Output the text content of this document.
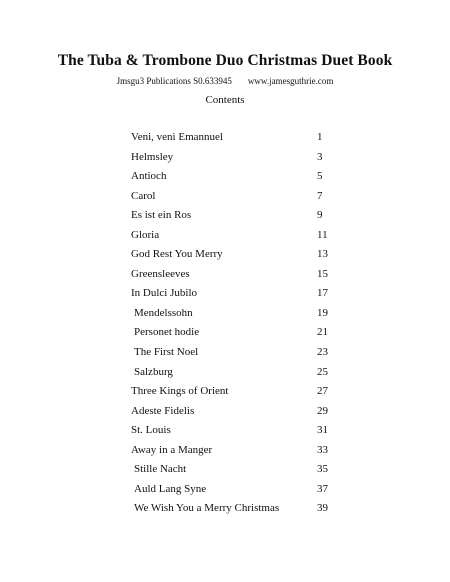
The Tuba & Trombone Duo Christmas Duet Book
Jmsgu3 Publications S0.633945 www.jamesguthrie.com
Contents
Veni, veni Emannuel	1
Helmsley	3
Antioch	5
Carol	7
Es ist ein Ros	9
Gloria	11
God Rest You Merry	13
Greensleeves	15
In Dulci Jubilo	17
Mendelssohn	19
Personet hodie	21
The First Noel	23
Salzburg	25
Three Kings of Orient	27
Adeste Fidelis	29
St. Louis	31
Away in a Manger	33
Stille Nacht	35
Auld Lang Syne	37
We Wish You a Merry Christmas	39
